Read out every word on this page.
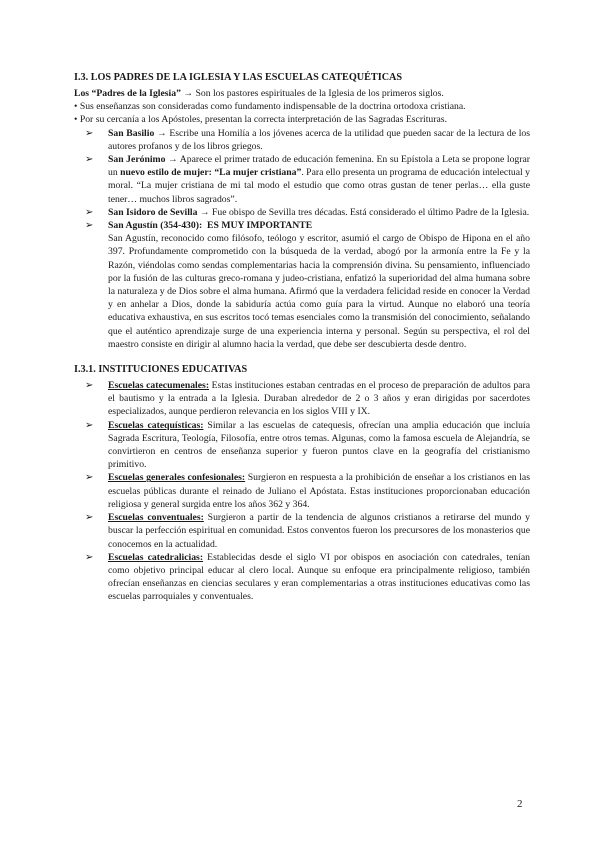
I.3. LOS PADRES DE LA IGLESIA Y LAS ESCUELAS CATEQUÉTICAS

Los “Padres de la Iglesia” → Son los pastores espirituales de la Iglesia de los primeros siglos.

• Sus enseñanzas son consideradas como fundamento indispensable de la doctrina ortodoxa cristiana.

• Por su cercanía a los Apóstoles, presentan la correcta interpretación de las Sagradas Escrituras.

➢ San Basilio → Escribe una Homilía a los jóvenes acerca de la utilidad que pueden sacar de la lectura de los autores profanos y de los libros griegos.
➢ San Jerónimo → Aparece el primer tratado de educación femenina. En su Epístola a Leta se propone lograr un nuevo estilo de mujer: “La mujer cristiana”. Para ello presenta un programa de educación intelectual y moral. “La mujer cristiana de mi tal modo el estudio que como otras gustan de tener perlas… ella guste tener… muchos libros sagrados”.
➢ San Isidoro de Sevilla → Fue obispo de Sevilla tres décadas. Está considerado el último Padre de la Iglesia.
➢ San Agustín (354-430): ES MUY IMPORTANTE

San Agustín, reconocido como filósofo, teólogo y escritor, asumió el cargo de Obispo de Hipona en el año 397. Profundamente comprometido con la búsqueda de la verdad, abogó por la armonía entre la Fe y la Razón, viéndolas como sendas complementarias hacia la comprensión divina. Su pensamiento, influenciado por la fusión de las culturas greco-romana y judeo-cristiana, enfatizó la superioridad del alma humana sobre la naturaleza y de Dios sobre el alma humana. Afirmó que la verdadera felicidad reside en conocer la Verdad y en anhelar a Dios, donde la sabiduría actúa como guía para la virtud. Aunque no elaboró una teoría educativa exhaustiva, en sus escritos tocó temas esenciales como la transmisión del conocimiento, señalando que el auténtico aprendizaje surge de una experiencia interna y personal. Según su perspectiva, el rol del maestro consiste en dirigir al alumno hacia la verdad, que debe ser descubierta desde dentro.

I.3.1. INSTITUCIONES EDUCATIVAS
➢ Escuelas catecumenales: Estas instituciones estaban centradas en el proceso de preparación de adultos para el bautismo y la entrada a la Iglesia. Duraban alrededor de 2 o 3 años y eran dirigidas por sacerdotes especializados, aunque perdieron relevancia en los siglos VIII y IX.
➢ Escuelas catequísticas: Similar a las escuelas de catequesis, ofrecían una amplia educación que incluía Sagrada Escritura, Teología, Filosofía, entre otros temas. Algunas, como la famosa escuela de Alejandría, se convirtieron en centros de enseñanza superior y fueron puntos clave en la geografía del cristianismo primitivo.
➢ Escuelas generales confesionales: Surgieron en respuesta a la prohibición de enseñar a los cristianos en las escuelas públicas durante el reinado de Juliano el Apóstata. Estas instituciones proporcionaban educación religiosa y general surgida entre los años 362 y 364.
➢ Escuelas conventuales: Surgieron a partir de la tendencia de algunos cristianos a retirarse del mundo y buscar la perfección espiritual en comunidad. Estos conventos fueron los precursores de los monasterios que conocemos en la actualidad.
➢ Escuelas catedralicias: Establecidas desde el siglo VI por obispos en asociación con catedrales, tenían como objetivo principal educar al clero local. Aunque su enfoque era principalmente religioso, también ofrecían enseñanzas en ciencias seculares y eran complementarias a otras instituciones educativas como las escuelas parroquiales y conventuales.
2
